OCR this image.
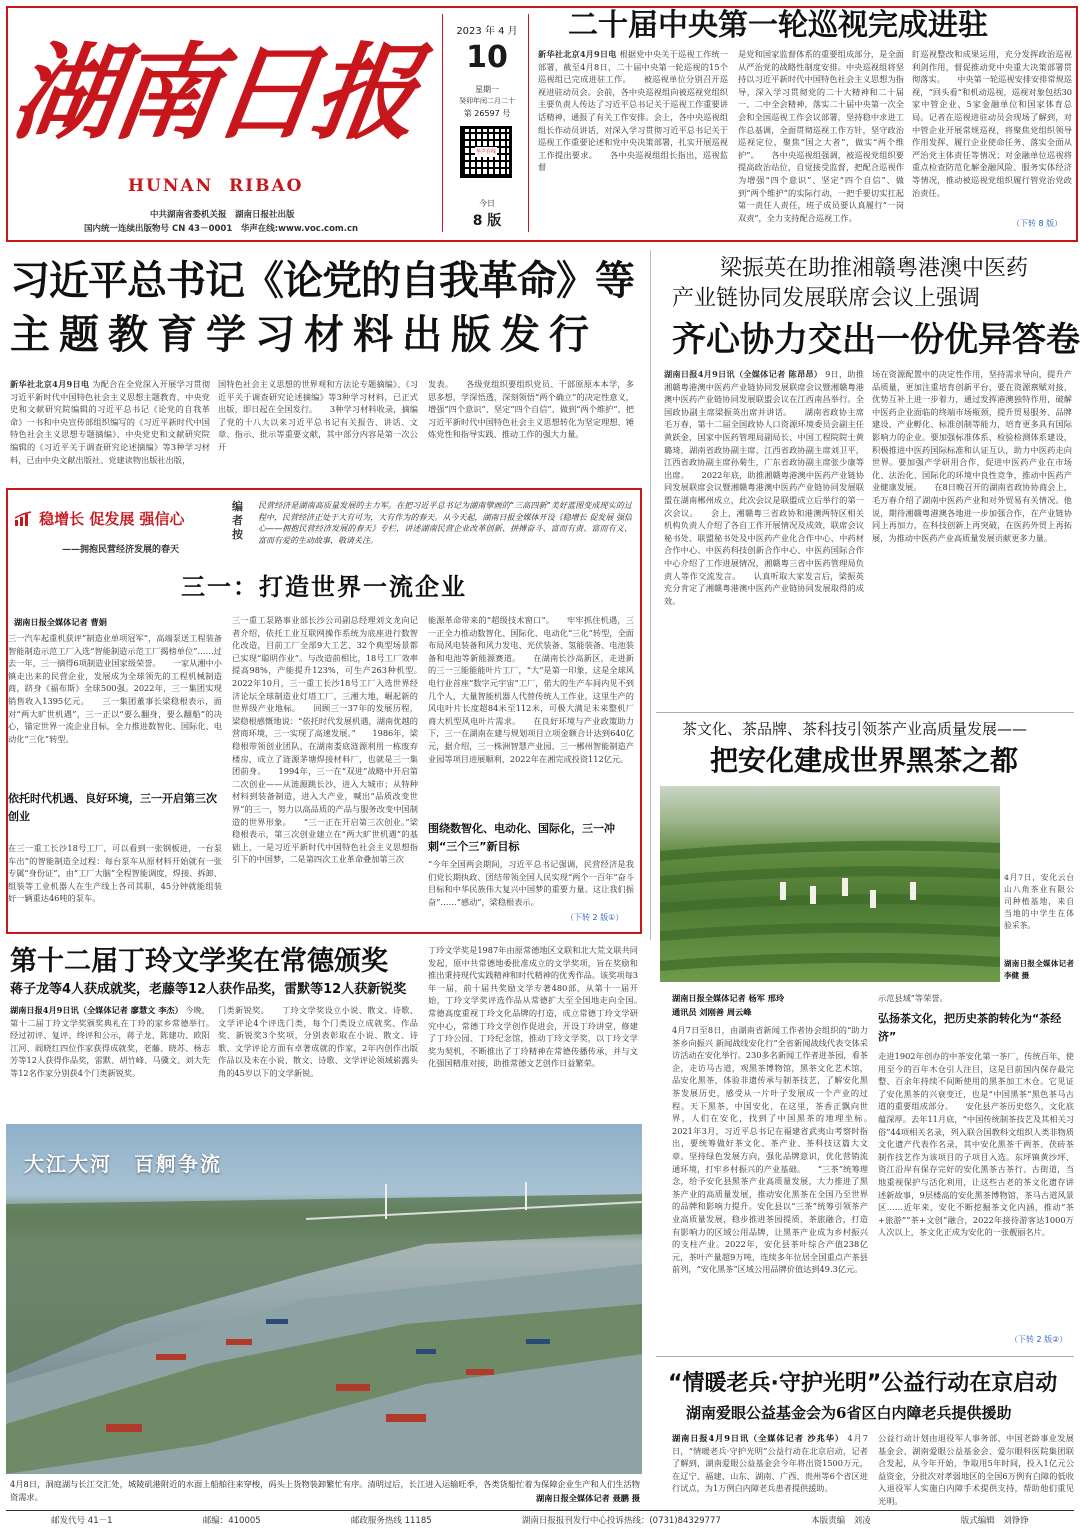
湖南日报
HUNAN  RIBAO
中共湖南省委机关报　湖南日报社出版
国内统一连续出版物号 CN 43－0001　华声在线:www.voc.com.cn
2023 年 4 月
10
星期一
癸卯年闰二月二十
第 26597 号
华声在线
今日
8 版
二十届中央第一轮巡视完成进驻
新华社北京4月9日电 根据党中央关于巡视工作统一部署，截至4月8日，二十届中央第一轮巡视的15个巡视组已完成进驻工作。　　被巡视单位分别召开巡视进驻动员会。会前，各中央巡视组向被巡视党组织主要负责人传达了习近平总书记关于巡视工作重要讲话精神，通报了有关工作安排。会上，各中央巡视组组长作动员讲话，对深入学习贯彻习近平总书记关于巡视工作重要论述和党中央决策部署，扎实开展巡视工作提出要求。　　各中央巡视组组长指出，巡视监督
是党和国家监督体系的重要组成部分，是全面从严治党的战略性制度安排。中央巡视组将坚持以习近平新时代中国特色社会主义思想为指导，深入学习贯彻党的二十大精神和二十届一、二中全会精神，落实二十届中央第一次全会和全国巡视工作会议部署，坚持稳中求进工作总基调，全面贯彻巡视工作方针，坚守政治巡视定位，聚焦“国之大者”，做实“两个维护”。　　各中央巡视组强调，被巡视党组织要提高政治站位，自觉接受监督，把配合巡视作为增强“四个意识”、坚定“四个自信”、做到“两个维护”的实际行动，一把手要切实扛起第一责任人责任，班子成员要认真履行“一岗双责”，全力支持配合巡视工作。
盯巡视整改和成果运用，充分发挥政治巡视利剑作用，督促推动党中央重大决策部署贯彻落实。　　中央第一轮巡视安排安排常规巡视，“回头看”和机动巡视，巡视对象包括30家中管企业、5家金融单位和国家体育总局。记者在巡视进驻动员会现场了解到，对中管企业开展常规巡视，将聚焦党组织领导作用发挥、履行企业使命任务、落实全面从严治党主体责任等情况；对金融单位巡视将重点检查防范化解金融风险、服务实体经济等情况，推动被巡视党组织履行管党治党政治责任。
（下转 8 版）
习近平总书记《论党的自我革命》等
主题教育学习材料出版发行
新华社北京4月9日电 为配合在全党深入开展学习贯彻习近平新时代中国特色社会主义思想主题教育，中央党史和文献研究院编辑的习近平总书记《论党的自我革命》一书和中央宣传部组织编写的《习近平新时代中国特色社会主义思想专题摘编》、中央党史和文献研究院编辑的《习近平关于调查研究论述摘编》等3种学习材料，已由中央文献出版社、党建读物出版社出版，
国特色社会主义思想的世界观和方法论专题摘编》、《习近平关于调查研究论述摘编》等3种学习材料，已正式出版，即日起在全国发行。　　3种学习材料收录，摘编了党的十八大以来习近平总书记有关报告、讲话、文章、指示、批示等重要文献，其中部分内容是第一次公开
发表。　　各级党组织要组织党员、干部原原本本学，多思多想，学深悟透，深刻领悟“两个确立”的决定性意义，增强“四个意识”、坚定“四个自信”、做到“两个维护”，把习近平新时代中国特色社会主义思想转化为坚定理想、锤炼党性和指导实践、推动工作的强大力量。
梁振英在助推湘赣粤港澳中医药
产业链协同发展联席会议上强调
齐心协力交出一份优异答卷
湖南日报4月9日讯（全媒体记者 陈昂昂） 9日，助推湘赣粤港澳中医药产业链协同发展联席会议暨湘赣粤港澳中医药产业链协同发展联盟会议在江西南昌举行。全国政协副主席梁振英出席并讲话。　　湖南省政协主席毛万春，第十二届全国政协人口资源环境委员会副主任黄跃金，国家中医药管理局副局长、中国工程院院士黄璐琦，湖南省政协副主席、江西省政协副主席刘卫平，江西省政协副主席孙菊生，广东省政协副主席张少康等出席。　　2022年底，助推湘赣粤港澳中医药产业链协同发展联席会议暨湘赣粤港澳中医药产业链协同发展联盟在湖南郴州成立，此次会议是联盟成立后举行的第一次会议。　　会上，湘赣粤三省政协和港澳两特区相关机构负责人介绍了各自工作开展情况及成效，联席会议秘书处、联盟秘书处及中医药产业化合作中心、中药材合作中心、中医药科技创新合作中心、中医药国际合作中心介绍了工作进展情况，湘赣粤三省中医药管理局负责人等作交流发言。　　认真听取大家发言后，梁振英充分肯定了湘赣粤港澳中医药产业链协同发展取得的成效。
场在资源配置中的决定性作用，坚持需求导向，提升产品质量，更加注重培育创新平台，要在资源禀赋对接、优势互补上进一步着力，通过发挥港澳独特作用，破解中医药企业面临的终端市场瓶颈，提升贸易服务、品牌建设、产业孵化、标准创制等能力，培育更多具有国际影响力的企业。要加强标准体系、检验检测体系建设，积极推进中医药国际标准和认证互认，助力中医药走向世界。要加强产学研用合作，促进中医药产业在市场化、法治化、国际化的环境中良性竞争，推动中医药产业健康发展。　　在8日晚召开的湖南省政协协商会上，毛万春介绍了湖南中医药产业和对外贸易有关情况。他说，期待湘赣粤港澳各地进一步加强合作，在产业链协同上再加力，在科技创新上再突破，在医药外贸上再拓展，为推动中医药产业高质量发展贡献更多力量。
稳增长 促发展 强信心
——拥抱民营经济发展的春天
编者按
民营经济是湖南高质量发展的主力军。在把习近平总书记为湖南擘画的“三高四新”美好蓝图变成现实的过程中，民营经济正处于大有可为，大有作为的春天。从今天起，湖南日报全媒体开设《稳增长 促发展 强信心——拥抱民营经济发展的春天》专栏，讲述湖南民营企业改革创新、拼搏奋斗、富而有责、富而有义、富而有爱的生动故事，敬请关注。
三一：打造世界一流企业
湖南日报全媒体记者 曹娟
三一汽车起重机获评“制造业单项冠军”，高端泵送工程装备智能制造示范工厂入选“智能制造示范工厂揭榜单位”……过去一年，三一摘得6项制造业国家级荣誉。　　一家从湘中小镇走出来的民营企业，发展成为全球领先的工程机械制造商，跻身《福布斯》全球500强。2022年，三一集团实现销售收入1395亿元。　　三一集团董事长梁稳根表示，面对“两大旷世机遇”，三一正以“要么翻身，要么翻船”的决心，锚定世界一流企业目标，全力推进数智化、国际化、电动化“三化”转型。
依托时代机遇、良好环境，三一开启第三次创业
在三一重工长沙18号工厂，可以看到一张钢板进，一台泵车出”的智能制造全过程：每台泵车从原材料开始就有一张专属“身份证”，由“工厂大脑”全程智能调度，焊接、拆卸、组装等工业机器人在生产线上各司其职，45分钟就能组装好一辆重达46吨的泵车。
三一重工泵路事业部长沙公司副总经理刘文龙向记者介绍，依托工业互联网操作系统为底座进行数智化改造，目前工厂全部9大工艺、32个典型场景都已实现“聪明作业”。与改造前相比，18号工厂效率提高98%，产能提升123%，可生产263种机型。　　2022年10月，三一重工长沙18号工厂入选世界经济论坛全球制造业灯塔工厂，三湘大地，崛起新的世界级产业地标。　　回顾三一37年的发展历程，梁稳根感慨地说：“依托时代发展机遇，湖南优越的营商环境，三一实现了高速发展。”　　1986年，梁稳根带领创业团队，在湖南娄底涟源利用一栋废弃楼房，成立了涟源茅塘焊接材料厂，也就是三一集团前身。　　1994年，三一在“双进”战略中开启第二次创业——从涟源跳长沙，进入大城市；从特种材料到装备制造，进入大产业，喊出“品质改变世界”的三一，努力以高品质的产品与服务改变中国制造的世界形象。　　“三一正在开启第三次创业。”梁稳根表示，第三次创业建立在“两大旷世机遇”的基础上，一是习近平新时代中国特色社会主义思想指引下的中国梦，二是第四次工业革命叠加第三次
能源革命带来的“超级技术窗口”。　　牢牢抓住机遇，三一正全力推动数智化、国际化、电动化“三化”转型，全面布局风电装备和风力发电、光伏装备、氢能装备、电池装备和电池等新能源赛道。　　在湖南长沙高新区，走进新的三一三能能能叶片工厂，“大”是第一印象，这是全球风电行业首座“数字元宇宙”工厂，偌大的生产车间内见不到几个人，大量智能机器人代替传统人工作业，这里生产的风电叶片长度超84米至112米，可极大满足未来整机厂商大机型风电叶片需求。　　在良好环境与产业政策助力下，三一在湖南在建与规划项目立项金额合计达到640亿元，据介绍，三一株洲智慧产业园、三一郴州智能制造产业园等项目进展顺利，2022年在湘完成投资112亿元。
围绕数智化、电动化、国际化，三一冲刺“三个三”新目标
“今年全国两会期间，习近平总书记强调，民营经济是我们党长期执政、团结带领全国人民实现“两个一百年”奋斗目标和中华民族伟大复兴中国梦的重要力量。这让我们振奋”……“感动”，梁稳根表示。
（下转 2 版①）
第十二届丁玲文学奖在常德颁奖
蒋子龙等4人获成就奖，老藤等12人获作品奖，雷默等12人获新锐奖
湖南日报4月9日讯（全媒体记者 廖慧文 李杰） 今晚，第十二届丁玲文学奖颁奖典礼在丁玲的家乡常德举行。　　经过初评、复评、终评和公示，蒋子龙、陈建功、欧阳江河、阎晓红四位作家获得成就奖，老藤、晓苏、杨志芳等12人获得作品奖，雷默、胡竹峰、马骥文、刘大先等12名作家分别获4个门类新锐奖。
门类新锐奖。　　丁玲文学奖设立小说、散文、诗歌、文学评论4个评选门类，每个门类设立成就奖、作品奖、新锐奖3个奖项，分别表彰取在小说、散文、诗歌、文学评论方面有卓著成就的作家，2年内创作出版作品以及未在小说、散文、诗歌、文学评论领域崭露头角的45岁以下的文学新锐。
丁玲文学奖是1987年由原常德地区文联和北大荒文联共同发起，原中共常德地委批准成立的文学奖项，旨在奖励和推出秉持现代实践精神和时代精神的优秀作品。该奖项每3年一届，前十届共奖励文学专著480部，从第十一届开始，丁玲文学奖评选作品从常德扩大至全国地走向全国。　　常德高度重视丁玲文化品牌的打造，成立常德丁玲文学研究中心，常德丁玲文学创作促进会，开设丁玲讲堂，修建了丁玲公园、丁玲纪念馆，推动丁玲文学奖，以丁玲文学奖为契机，不断推出了丁玲精神在常德传播传承，并与文化强国精准对接，助推常德文艺创作日益繁荣。
大江大河　百舸争流
4月8日，洞庭湖与长江交汇处，城陵矶港附近的水面上船舶往来穿梭，码头上货物装卸繁忙有序。清明过后，长江进入运输旺季，各类货船忙着为保障企业生产和人们生活物资需求。	湖南日报全媒体记者 聂鹏 摄
茶文化、茶品牌、茶科技引领茶产业高质量发展——
把安化建成世界黑茶之都
4月7日，安化云台山八角茶业有限公司种植基地，来自当地的中学生在体验采茶。
湖南日报全媒体记者 李健 摄
湖南日报全媒体记者 杨军 邢玲
通讯员 刘刚善 周云峰
示范县域”等荣誉。
4月7日至8日，由湖南省新闻工作者协会组织的“助力茶乡向振兴 新闻战线安化行”全省新闻战线代表交体采访活动在安化举行。230多名新闻工作者进茶园，看茶企，走访马古道，观黑茶博物馆，黑茶文化艺术馆，品安化黑茶，体验非遗传承与制茶技艺，了解安化黑茶发展历史，感受从一片叶子发展成一个产业的过程。天下黑茶，中国安化，在这里，茶香正飘向世界，人们在安化，找到了中国黑茶的地理坐标。　　2021年3月，习近平总书记在福建省武夷山考察时指出，要统筹做好茶文化、茶产业、茶科技这篇大文章。坚持绿色发展方向，强化品牌意识，优化营销流通环境，打牢乡村振兴的产业基础。　　“三茶”统筹理念，给予安化县黑茶产业高质量发展，大力推进了黑茶产业的高质量发展，推动安化黑茶在全国乃至世界的品牌和影响力提升。安化县以“三茶”统筹引领茶产业高质量发展，稳步推进茶园提质、茶旅融合，打造有影响力的区域公用品牌，让黑茶产业成为乡村振兴的支柱产业。2022年，安化县茶叶综合产值238亿元，茶叶产量超9万吨，连续多年位居全国重点产茶县前列，“安化黑茶”区域公用品牌价值达到49.3亿元。
弘扬茶文化，把历史茶韵转化为“茶经济”
走进1902年创办的中茶安化第一茶厂，传统百年，使用至今的百年木仓引人注目，这是目前国内保存最完整、百余年持续不间断使用的黑茶加工木仓。它见证了安化黑茶的兴衰变迁，也是“中国黑茶”黑色茶马古道的重要组成部分。　　安化县产茶历史悠久，文化底蕴深厚。去年11月底，“中国传统制茶技艺及其相关习俗”44项相关名录，列入联合国教科文组织人类非物质文化遗产代表作名录，其中安化黑茶千两茶、茯砖茶制作技艺作为该项目的子项目入选。东坪镇黄沙坪、资江沿岸有保存完好的安化黑茶古茶行、古街道，当地重视保护与活化利用，让这些古老的茶文化遗存讲述新故事，9层楼高的安化黑茶博物馆，茶马古道风景区……近年来，安化不断挖掘茶文化内涵，推动“茶+旅游”“茶+文创”融合，2022年接待游客达1000万人次以上，茶文化正成为安化的一张靓丽名片。
（下转 2 版②）
“情暖老兵·守护光明”公益行动在京启动
湖南爱眼公益基金会为6省区白内障老兵提供援助
湖南日报4月9日讯（全媒体记者 沙兆华） 4月7日，“情暖老兵·守护光明”公益行动在北京启动，记者了解到，湖南爱眼公益基金会今年将出资1500万元，在辽宁、福建、山东、湖南、广西、贵州等6个省区进行试点，为1万例白内障老兵患者提供援助。
公益行动计划由退役军人事务部、中国老龄事业发展基金会、湖南爱眼公益基金会、爱尔眼科医院集团联合发起，从今年开始，争取用5年时间，投入1亿元公益资金，分批次对孝弱地区的全国6万例有白障的低收入退役军人实施白内障手术提供支持，帮助他们重见光明。
邮发代号 41－1	邮编：410005	邮政服务热线 11185	湖南日报报刊发行中心投诉热线：(0731)84329777	本版责编　刘凌	版式编辑　刘铮铮
